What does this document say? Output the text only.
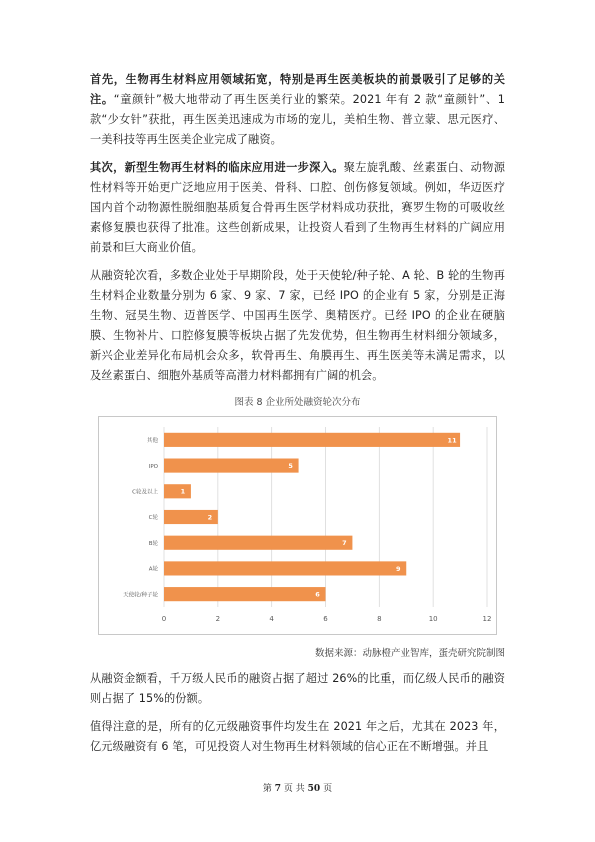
首先，生物再生材料应用领域拓宽，特别是再生医美板块的前景吸引了足够的关注。“童颜针”极大地带动了再生医美行业的繁荣。2021 年有 2 款“童颜针”、1 款“少女针”获批，再生医美迅速成为市场的宠儿，美柏生物、普立蒙、思元医疗、一美科技等再生医美企业完成了融资。

其次，新型生物再生材料的临床应用进一步深入。聚左旋乳酸、丝素蛋白、动物源性材料等开始更广泛地应用于医美、骨科、口腔、创伤修复领域。例如，华迈医疗国内首个动物源性脱细胞基质复合骨再生医学材料成功获批，赛罗生物的可吸收丝素修复膜也获得了批准。这些创新成果，让投资人看到了生物再生材料的广阔应用前景和巨大商业价值。

从融资轮次看，多数企业处于早期阶段，处于天使轮/种子轮、A 轮、B 轮的生物再生材料企业数量分别为 6 家、9 家、7 家，已经 IPO 的企业有 5 家，分别是正海生物、冠昊生物、迈普医学、中国再生医学、奥精医疗。已经 IPO 的企业在硬脑膜、生物补片、口腔修复膜等板块占据了先发优势，但生物再生材料细分领域多，新兴企业差异化布局机会众多，软骨再生、角膜再生、再生医美等未满足需求，以及丝素蛋白、细胞外基质等高潜力材料都拥有广阔的机会。

图表 8 企业所处融资轮次分布
0	2	4	6	8	10	12
其他	11
IPO	5
C轮及以上	1
C轮	2
B轮	7
A轮	9
天使轮/种子轮	6
数据来源：动脉橙产业智库，蛋壳研究院制图

从融资金额看，千万级人民币的融资占据了超过 26%的比重，而亿级人民币的融资则占据了 15%的份额。

值得注意的是，所有的亿元级融资事件均发生在 2021 年之后，尤其在 2023 年，亿元级融资有 6 笔，可见投资人对生物再生材料领域的信心正在不断增强。并且

第 7 页 共 50 页
